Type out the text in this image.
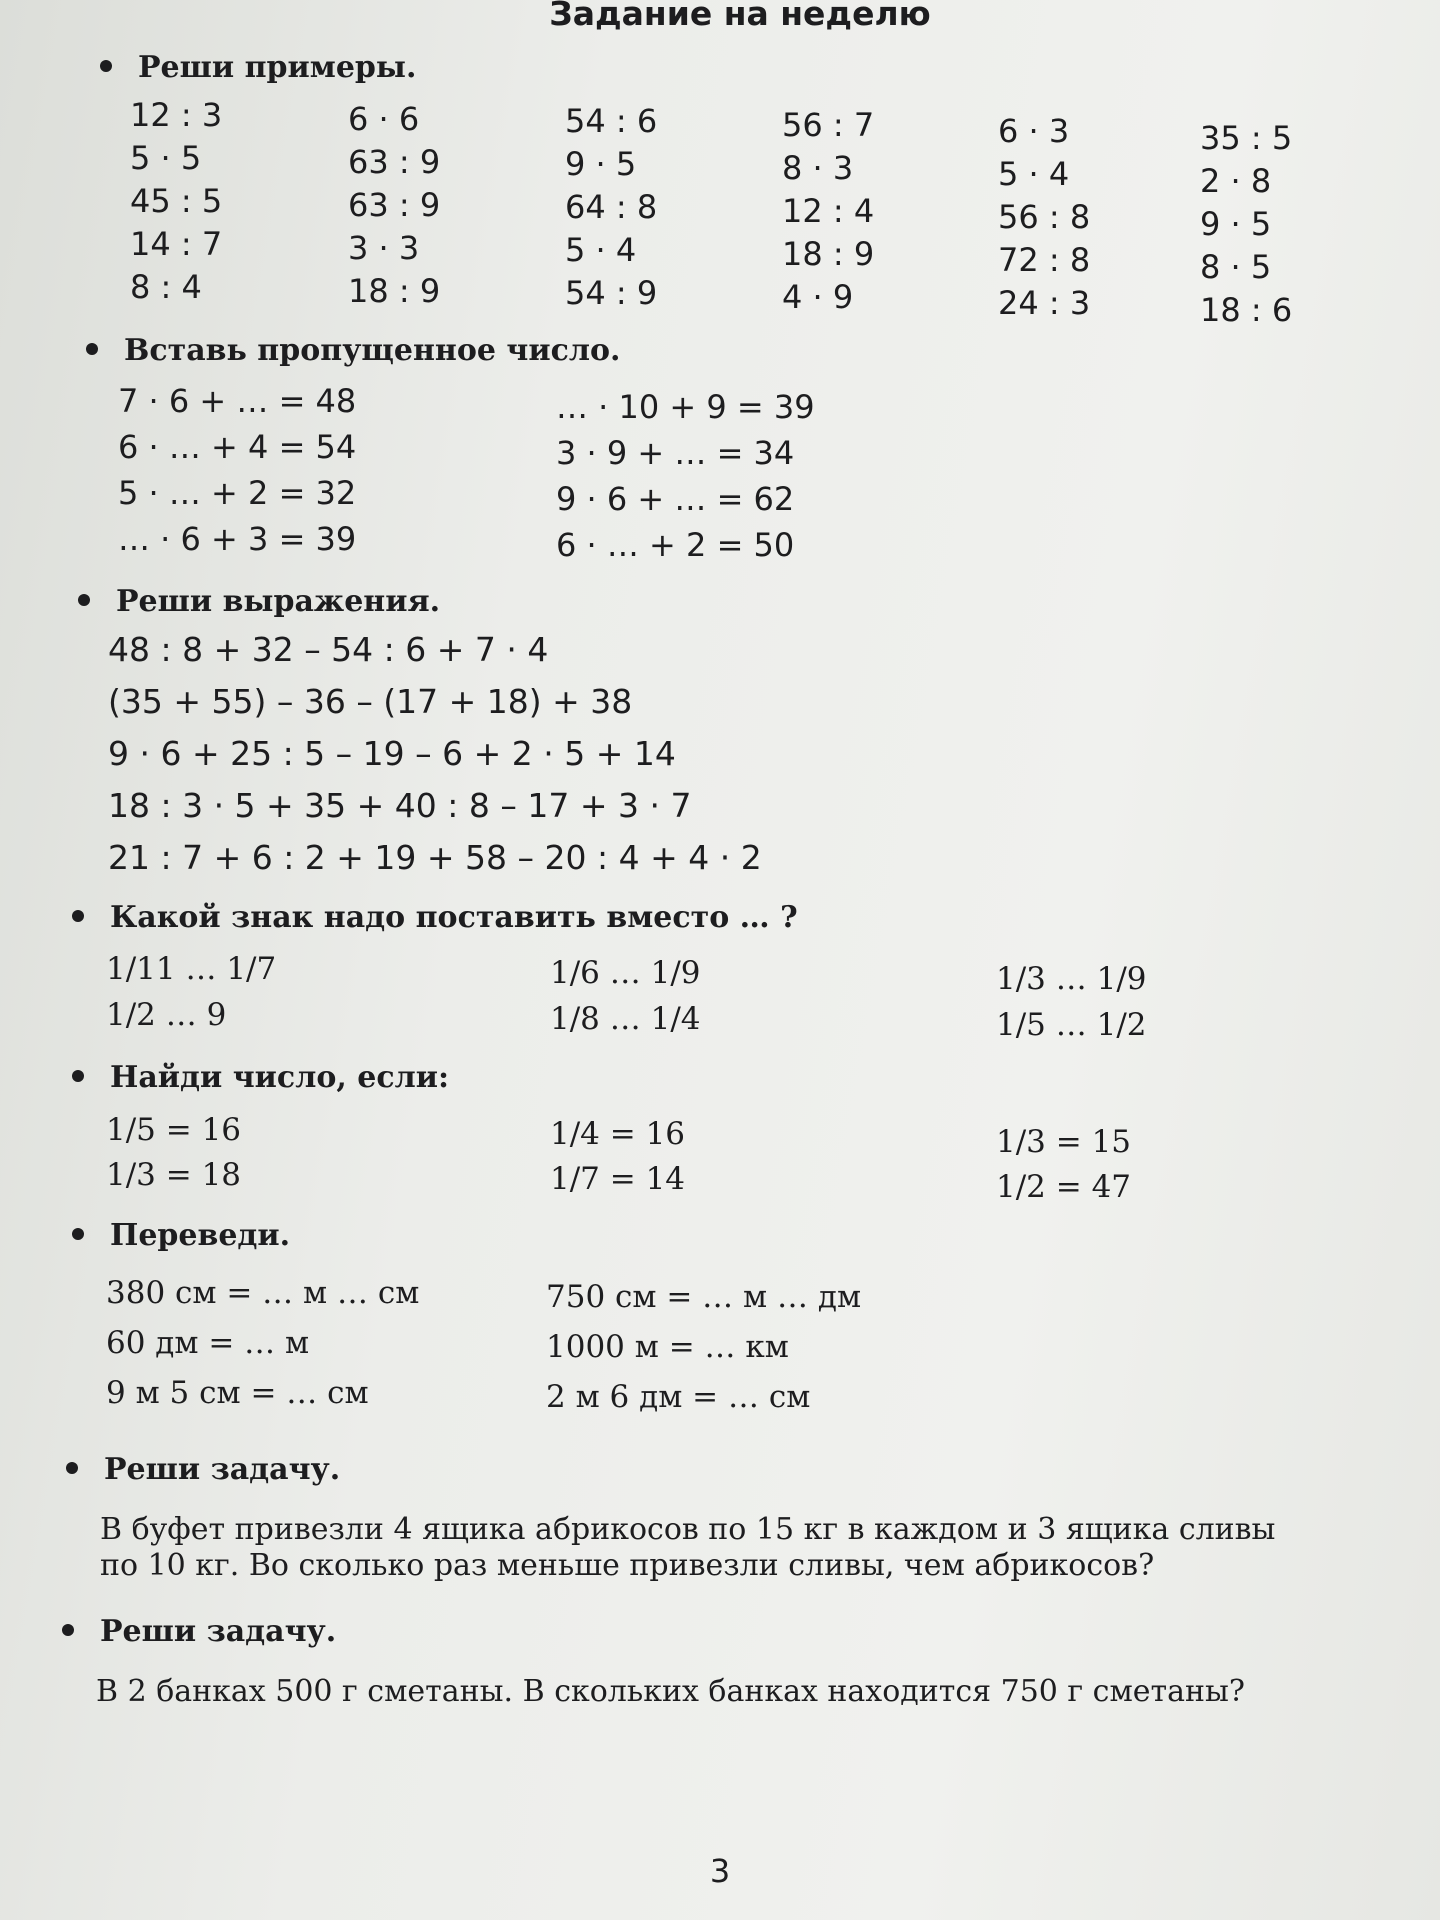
Задание на неделю
Реши примеры.
12 : 3
5 · 5
45 : 5
14 : 7
8 : 4
6 · 6
63 : 9
63 : 9
3 · 3
18 : 9
54 : 6
9 · 5
64 : 8
5 · 4
54 : 9
56 : 7
8 · 3
12 : 4
18 : 9
4 · 9
6 · 3
5 · 4
56 : 8
72 : 8
24 : 3
35 : 5
2 · 8
9 · 5
8 · 5
18 : 6
Вставь пропущенное число.
7 · 6 + … = 48
6 · … + 4 = 54
5 · … + 2 = 32
… · 6 + 3 = 39
… · 10 + 9 = 39
3 · 9 + … = 34
9 · 6 + … = 62
6 · … + 2 = 50
Реши выражения.
48 : 8 + 32 – 54 : 6 + 7 · 4
(35 + 55) – 36 – (17 + 18) + 38
9 · 6 + 25 : 5 – 19 – 6 + 2 · 5 + 14
18 : 3 · 5 + 35 + 40 : 8 – 17 + 3 · 7
21 : 7 + 6 : 2 + 19 + 58 – 20 : 4 + 4 · 2
Какой знак надо поставить вместо … ?
1/11 … 1/7
1/2 … 9
1/6 … 1/9
1/8 … 1/4
1/3 … 1/9
1/5 … 1/2
Найди число, если:
1/5 = 16
1/3 = 18
1/4 = 16
1/7 = 14
1/3 = 15
1/2 = 47
Переведи.
380 см = … м … см
60 дм = … м
9 м 5 см = … см
750 см = … м … дм
1000 м = … км
2 м 6 дм = … см
Реши задачу.
В буфет привезли 4 ящика абрикосов по 15 кг в каждом и 3 ящика сливы
по 10 кг. Во сколько раз меньше привезли сливы, чем абрикосов?
Реши задачу.
В 2 банках 500 г сметаны. В скольких банках находится 750 г сметаны?
3
